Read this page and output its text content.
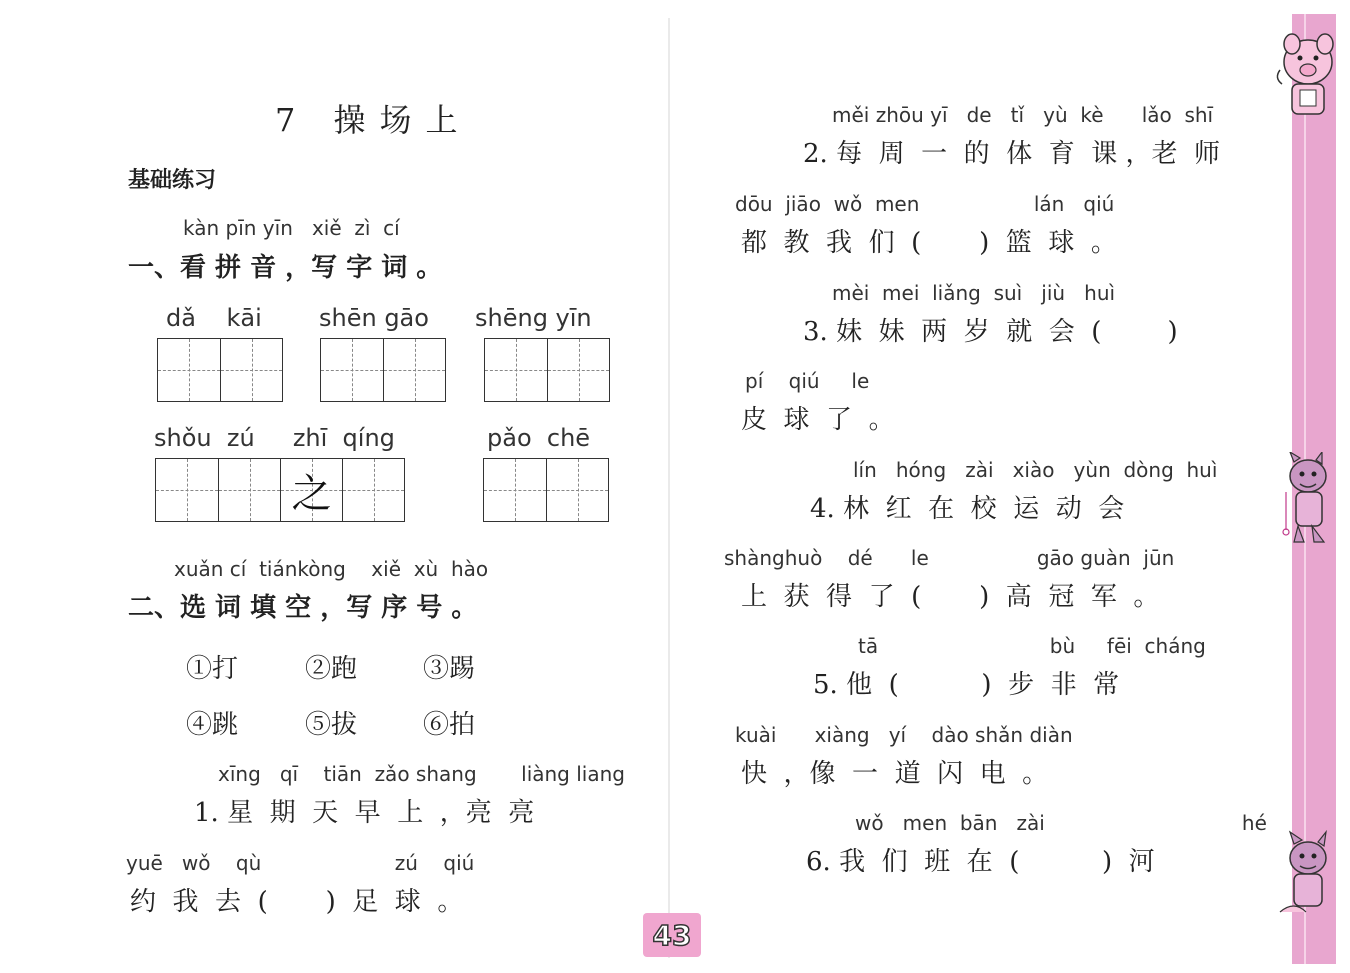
7 操场上
基础练习
kàn pīn yīn   xiě  zì  cí
一、看 拼 音 ，写 字 词 。
dǎ    kāi shēn gāo shēng yīn
shǒu  zú     zhī  qíng	pǎo  chē
之
xuǎn cí  tiánkòng    xiě  xù  hào
二、选 词 填 空 ，写 序 号 。
①打	②跑	③踢
④跳	⑤拔	⑥拍
xīng   qī    tiān  zǎo shang       liàng liang
1. 星  期  天  早  上  ，亮  亮
yuē   wǒ    qù                     zú    qiú
约  我  去  (       )  足  球  。
měi zhōu yī   de   tǐ   yù  kè      lǎo  shī
2. 每  周  一  的  体  育  课 ，老  师
dōu  jiāo  wǒ  men                  lán   qiú
都  教  我  们  (       )  篮  球  。
mèi  mei  liǎng  suì   jiù   huì
3. 妹  妹  两  岁  就  会  (        )
pí    qiú     le
皮  球  了  。
lín   hóng   zài   xiào   yùn  dòng  huì
4. 林  红  在  校  运  动  会
shànghuò    dé      le                 gāo guàn  jūn
上  获  得  了  (       )  高  冠  军  。
tā                           bù     fēi  cháng
5. 他  (          )  步  非  常
kuài      xiàng   yí    dào shǎn diàn
快  ，像  一  道  闪  电  。
wǒ   men  bān   zài                               hé
6. 我  们  班  在  (          )  河
43
